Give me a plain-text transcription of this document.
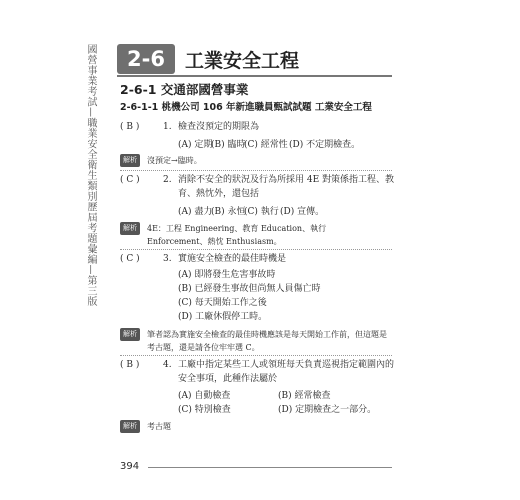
國營事業考試—職業安全衛生類別歷屆考題彙編—第三版	2-6	工業安全工程
2-6-1 交通部國營事業
2-6-1-1 桃機公司 106 年新進職員甄試試題 工業安全工程
( B )	1. 檢查沒預定的期限為
(A) 定期
(B) 臨時
(C) 經常性 (D) 不定期檢查。
解析	沒預定→臨時。
( C )	2. 消除不安全的狀況及行為所採用 4E 對策係指工程、教育、熱忱外，還包括
(A) 盡力
(B) 永恒
(C) 執行 (D) 宣傳。
解析	4E：工程 Engineering、教育 Education、執行 Enforcement、熱忱 Enthusiasm。
( C )	3. 實施安全檢查的最佳時機是
(A) 即將發生危害事故時
(B) 已經發生事故但尚無人員傷亡時
(C) 每天開始工作之後
(D) 工廠休假停工時。
解析	筆者認為實施安全檢查的最佳時機應該是每天開始工作前，但這題是考古題，還是請各位牢牢選 C。
( B )	4. 工廠中指定某些工人或領班每天負責巡視指定範圍內的安全事項，此種作法屬於
(A) 自動檢查	(B) 經常檢查
(C) 特別檢查	(D) 定期檢查之一部分。
解析	考古題
394
